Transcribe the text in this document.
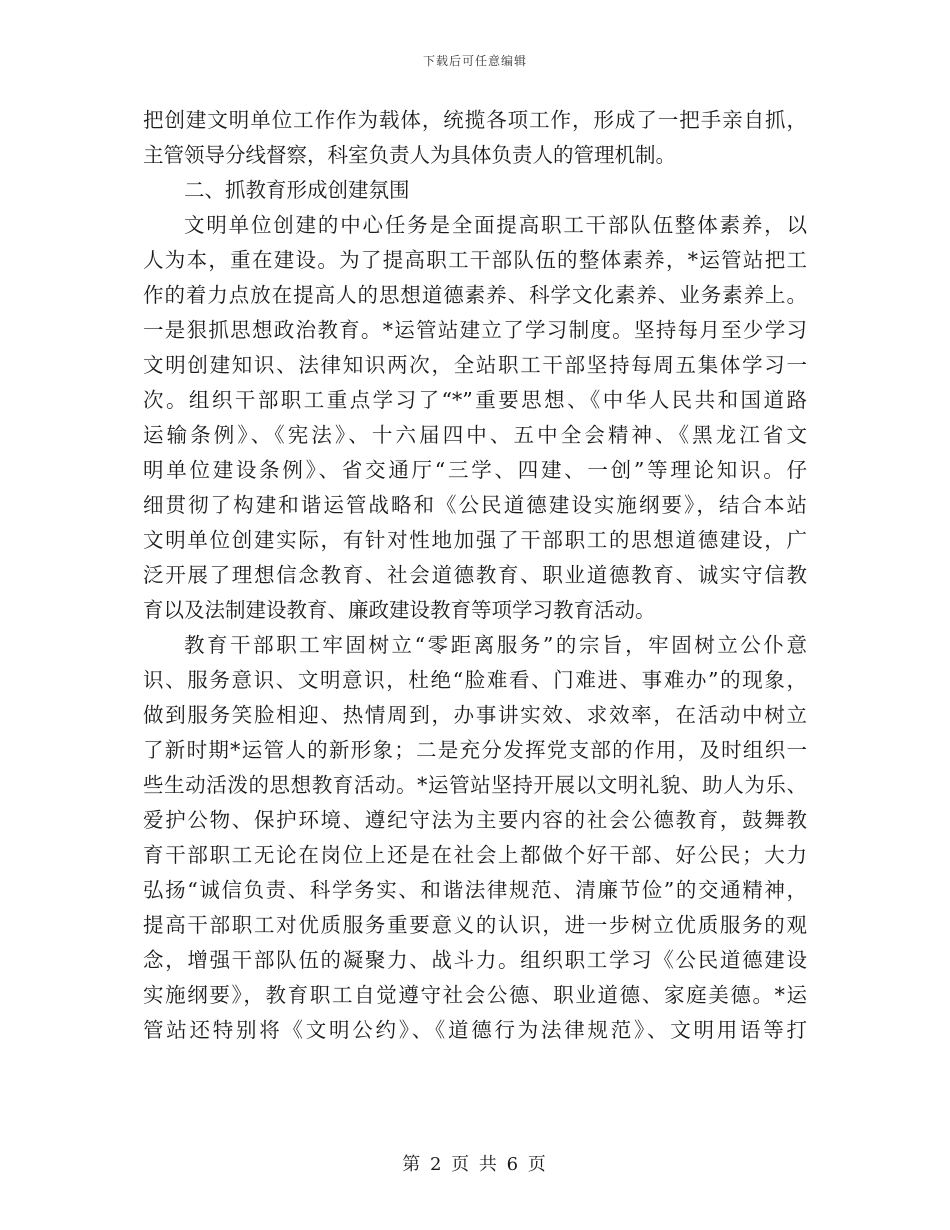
下载后可任意编辑
把创建文明单位工作作为载体，统揽各项工作，形成了一把手亲自抓，
主管领导分线督察，科室负责人为具体负责人的管理机制。
二、抓教育形成创建氛围
文明单位创建的中心任务是全面提高职工干部队伍整体素养，以
人为本，重在建设。为了提高职工干部队伍的整体素养，*运管站把工
作的着力点放在提高人的思想道德素养、科学文化素养、业务素养上。
一是狠抓思想政治教育。*运管站建立了学习制度。坚持每月至少学习
文明创建知识、法律知识两次，全站职工干部坚持每周五集体学习一
次。组织干部职工重点学习了“*”重要思想、《中华人民共和国道路
运输条例》、《宪法》、十六届四中、五中全会精神、《黑龙江省文
明单位建设条例》、省交通厅“三学、四建、一创”等理论知识。仔
细贯彻了构建和谐运管战略和《公民道德建设实施纲要》，结合本站
文明单位创建实际，有针对性地加强了干部职工的思想道德建设，广
泛开展了理想信念教育、社会道德教育、职业道德教育、诚实守信教
育以及法制建设教育、廉政建设教育等项学习教育活动。
教育干部职工牢固树立“零距离服务”的宗旨，牢固树立公仆意
识、服务意识、文明意识，杜绝“脸难看、门难进、事难办”的现象，
做到服务笑脸相迎、热情周到，办事讲实效、求效率，在活动中树立
了新时期*运管人的新形象；二是充分发挥党支部的作用，及时组织一
些生动活泼的思想教育活动。*运管站坚持开展以文明礼貌、助人为乐、
爱护公物、保护环境、遵纪守法为主要内容的社会公德教育，鼓舞教
育干部职工无论在岗位上还是在社会上都做个好干部、好公民；大力
弘扬“诚信负责、科学务实、和谐法律规范、清廉节俭”的交通精神，
提高干部职工对优质服务重要意义的认识，进一步树立优质服务的观
念，增强干部队伍的凝聚力、战斗力。组织职工学习《公民道德建设
实施纲要》，教育职工自觉遵守社会公德、职业道德、家庭美德。*运
管站还特别将《文明公约》、《道德行为法律规范》、文明用语等打
第 2 页 共 6 页
